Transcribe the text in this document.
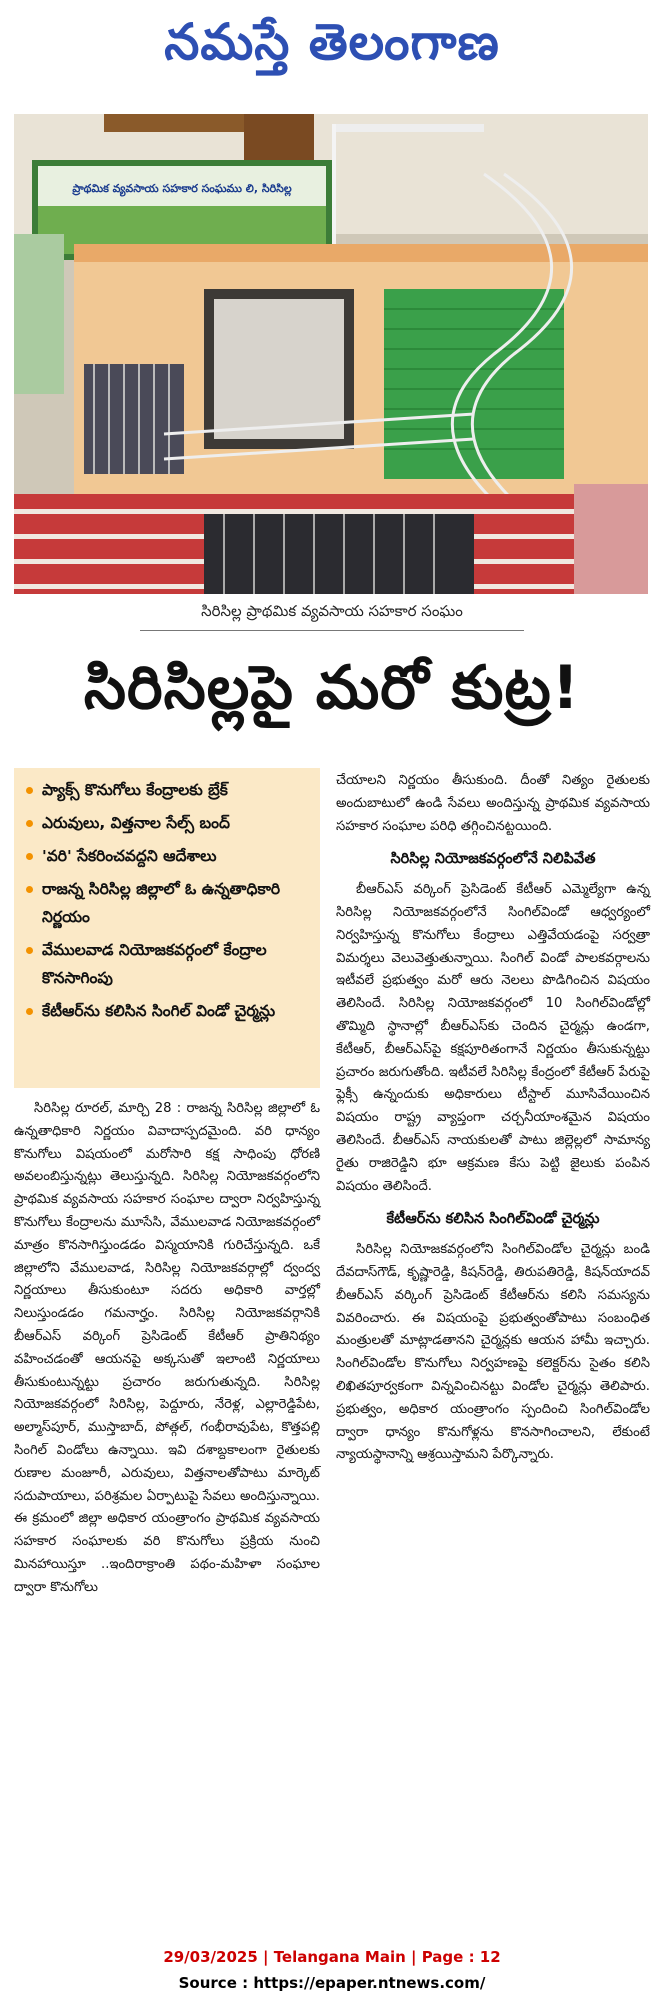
నమస్తే తెలంగాణ
ప్రాథమిక వ్యవసాయ సహకార సంఘము లి, సిరిసిల్ల
సిరిసిల్ల ప్రాథమిక వ్యవసాయ సహకార సంఘం
సిరిసిల్లపై మరో కుట్ర!
ప్యాక్స్ కొనుగోలు కేంద్రాలకు బ్రేక్
ఎరువులు, విత్తనాల సేల్స్ బంద్
'వరి' సేకరించవద్దని ఆదేశాలు
రాజన్న సిరిసిల్ల జిల్లాలో ఓ ఉన్నతాధికారి నిర్ణయం
వేములవాడ నియోజకవర్గంలో కేంద్రాల కొనసాగింపు
కేటీఆర్‌ను కలిసిన సింగిల్ విండో చైర్మన్లు

సిరిసిల్ల రూరల్, మార్చి 28 : రాజన్న సిరిసిల్ల జిల్లాలో ఓ ఉన్నతాధికారి నిర్ణయం వివాదాస్పదమైంది. వరి ధాన్యం కొనుగోలు విషయంలో మరోసారి కక్ష సాధింపు ధోరణి అవలంబిస్తున్నట్లు తెలుస్తున్నది. సిరిసిల్ల నియోజకవర్గంలోని ప్రాథమిక వ్యవసాయ సహకార సంఘాల ద్వారా నిర్వహిస్తున్న కొనుగోలు కేంద్రాలను మూసేసి, వేములవాడ నియోజకవర్గంలో మాత్రం కొనసాగిస్తుండడం విస్మయానికి గురిచేస్తున్నది. ఒకే జిల్లాలోని వేములవాడ, సిరిసిల్ల నియోజకవర్గాల్లో ద్వంద్వ నిర్ణయాలు తీసుకుంటూ సదరు అధికారి వార్తల్లో నిలుస్తుండడం గమనార్హం. సిరిసిల్ల నియోజకవర్గానికి బీఆర్‌ఎస్ వర్కింగ్ ప్రెసిడెంట్ కేటీఆర్ ప్రాతినిథ్యం వహించడంతో ఆయనపై అక్కసుతో ఇలాంటి నిర్ణయాలు తీసుకుంటున్నట్టు ప్రచారం జరుగుతున్నది. సిరిసిల్ల నియోజకవర్గంలో సిరిసిల్ల, పెద్దూరు, నేరెళ్ల, ఎల్లారెడ్డిపేట, అల్మాస్‌పూర్, ముస్తాబాద్, పోత్గల్, గంభీరావుపేట, కొత్తపల్లి సింగిల్ విండోలు ఉన్నాయి. ఇవి దశాబ్దకాలంగా రైతులకు రుణాల మంజూరీ, ఎరువులు, విత్తనాలతోపాటు మార్కెట్ సదుపాయాలు, పరిశ్రమల ఏర్పాటుపై సేవలు అందిస్తున్నాయి. ఈ క్రమంలో జిల్లా అధికార యంత్రాంగం ప్రాథమిక వ్యవసాయ సహకార సంఘాలకు వరి కొనుగోలు ప్రక్రియ నుంచి మినహాయిస్తూ ..ఇందిరాక్రాంతి పథం-మహిళా సంఘాల ద్వారా కొనుగోలు

చేయాలని నిర్ణయం తీసుకుంది. దీంతో నిత్యం రైతులకు అందుబాటులో ఉండి సేవలు అందిస్తున్న ప్రాథమిక వ్యవసాయ సహకార సంఘాల పరిధి తగ్గించినట్టయింది.

సిరిసిల్ల నియోజకవర్గంలోనే నిలిపివేత

బీఆర్‌ఎస్ వర్కింగ్ ప్రెసిడెంట్ కేటీఆర్ ఎమ్మెల్యేగా ఉన్న సిరిసిల్ల నియోజకవర్గంలోనే సింగిల్‌విండో ఆధ్వర్యంలో నిర్వహిస్తున్న కొనుగోలు కేంద్రాలు ఎత్తివేయడంపై సర్వత్రా విమర్శలు వెలువెత్తుతున్నాయి. సింగిల్ విండో పాలకవర్గాలను ఇటీవలే ప్రభుత్వం మరో ఆరు నెలలు పొడిగించిన విషయం తెలిసిందే. సిరిసిల్ల నియోజకవర్గంలో 10 సింగిల్‌విండోల్లో తొమ్మిది స్థానాల్లో బీఆర్‌ఎస్‌కు చెందిన చైర్మన్లు ఉండగా, కేటీఆర్, బీఆర్‌ఎస్‌పై కక్షపూరితంగానే నిర్ణయం తీసుకున్నట్టు ప్రచారం జరుగుతోంది. ఇటీవలే సిరిసిల్ల కేంద్రంలో కేటీఆర్ పేరుపై ఫ్లెక్సీ ఉన్నందుకు అధికారులు టీస్టాల్ మూసివేయించిన విషయం రాష్ట్ర వ్యాప్తంగా చర్చనీయాంశమైన విషయం తెలిసిందే. బీఆర్‌ఎస్ నాయకులతో పాటు జిల్లెల్లలో సామాన్య రైతు రాజిరెడ్డిని భూ ఆక్రమణ కేసు పెట్టి జైలుకు పంపిన విషయం తెలిసిందే.

కేటీఆర్‌ను కలిసిన సింగిల్‌విండో చైర్మన్లు

సిరిసిల్ల నియోజకవర్గంలోని సింగిల్‌విండోల చైర్మన్లు బండి దేవదాస్‌గౌడ్, కృష్ణారెడ్డి, కిషన్‌రెడ్డి, తిరుపతిరెడ్డి, కిషన్‌యాదవ్ బీఆర్‌ఎస్ వర్కింగ్ ప్రెసిడెంట్ కేటీఆర్‌ను కలిసి సమస్యను వివరించారు. ఈ విషయంపై ప్రభుత్వంతోపాటు సంబంధిత మంత్రులతో మాట్లాడతానని చైర్మన్లకు ఆయన హామీ ఇచ్చారు. సింగిల్‌విండోల కొనుగోలు నిర్వహణపై కలెక్టర్‌ను సైతం కలిసి లిఖితపూర్వకంగా విన్నవించినట్టు విండోల చైర్మన్లు తెలిపారు. ప్రభుత్వం, అధికార యంత్రాంగం స్పందించి సింగిల్‌విండోల ద్వారా ధాన్యం కొనుగోళ్లను కొనసాగించాలని, లేకుంటే న్యాయస్థానాన్ని ఆశ్రయిస్తామని పేర్కొన్నారు.

29/03/2025 | Telangana Main | Page : 12
Source : https://epaper.ntnews.com/
